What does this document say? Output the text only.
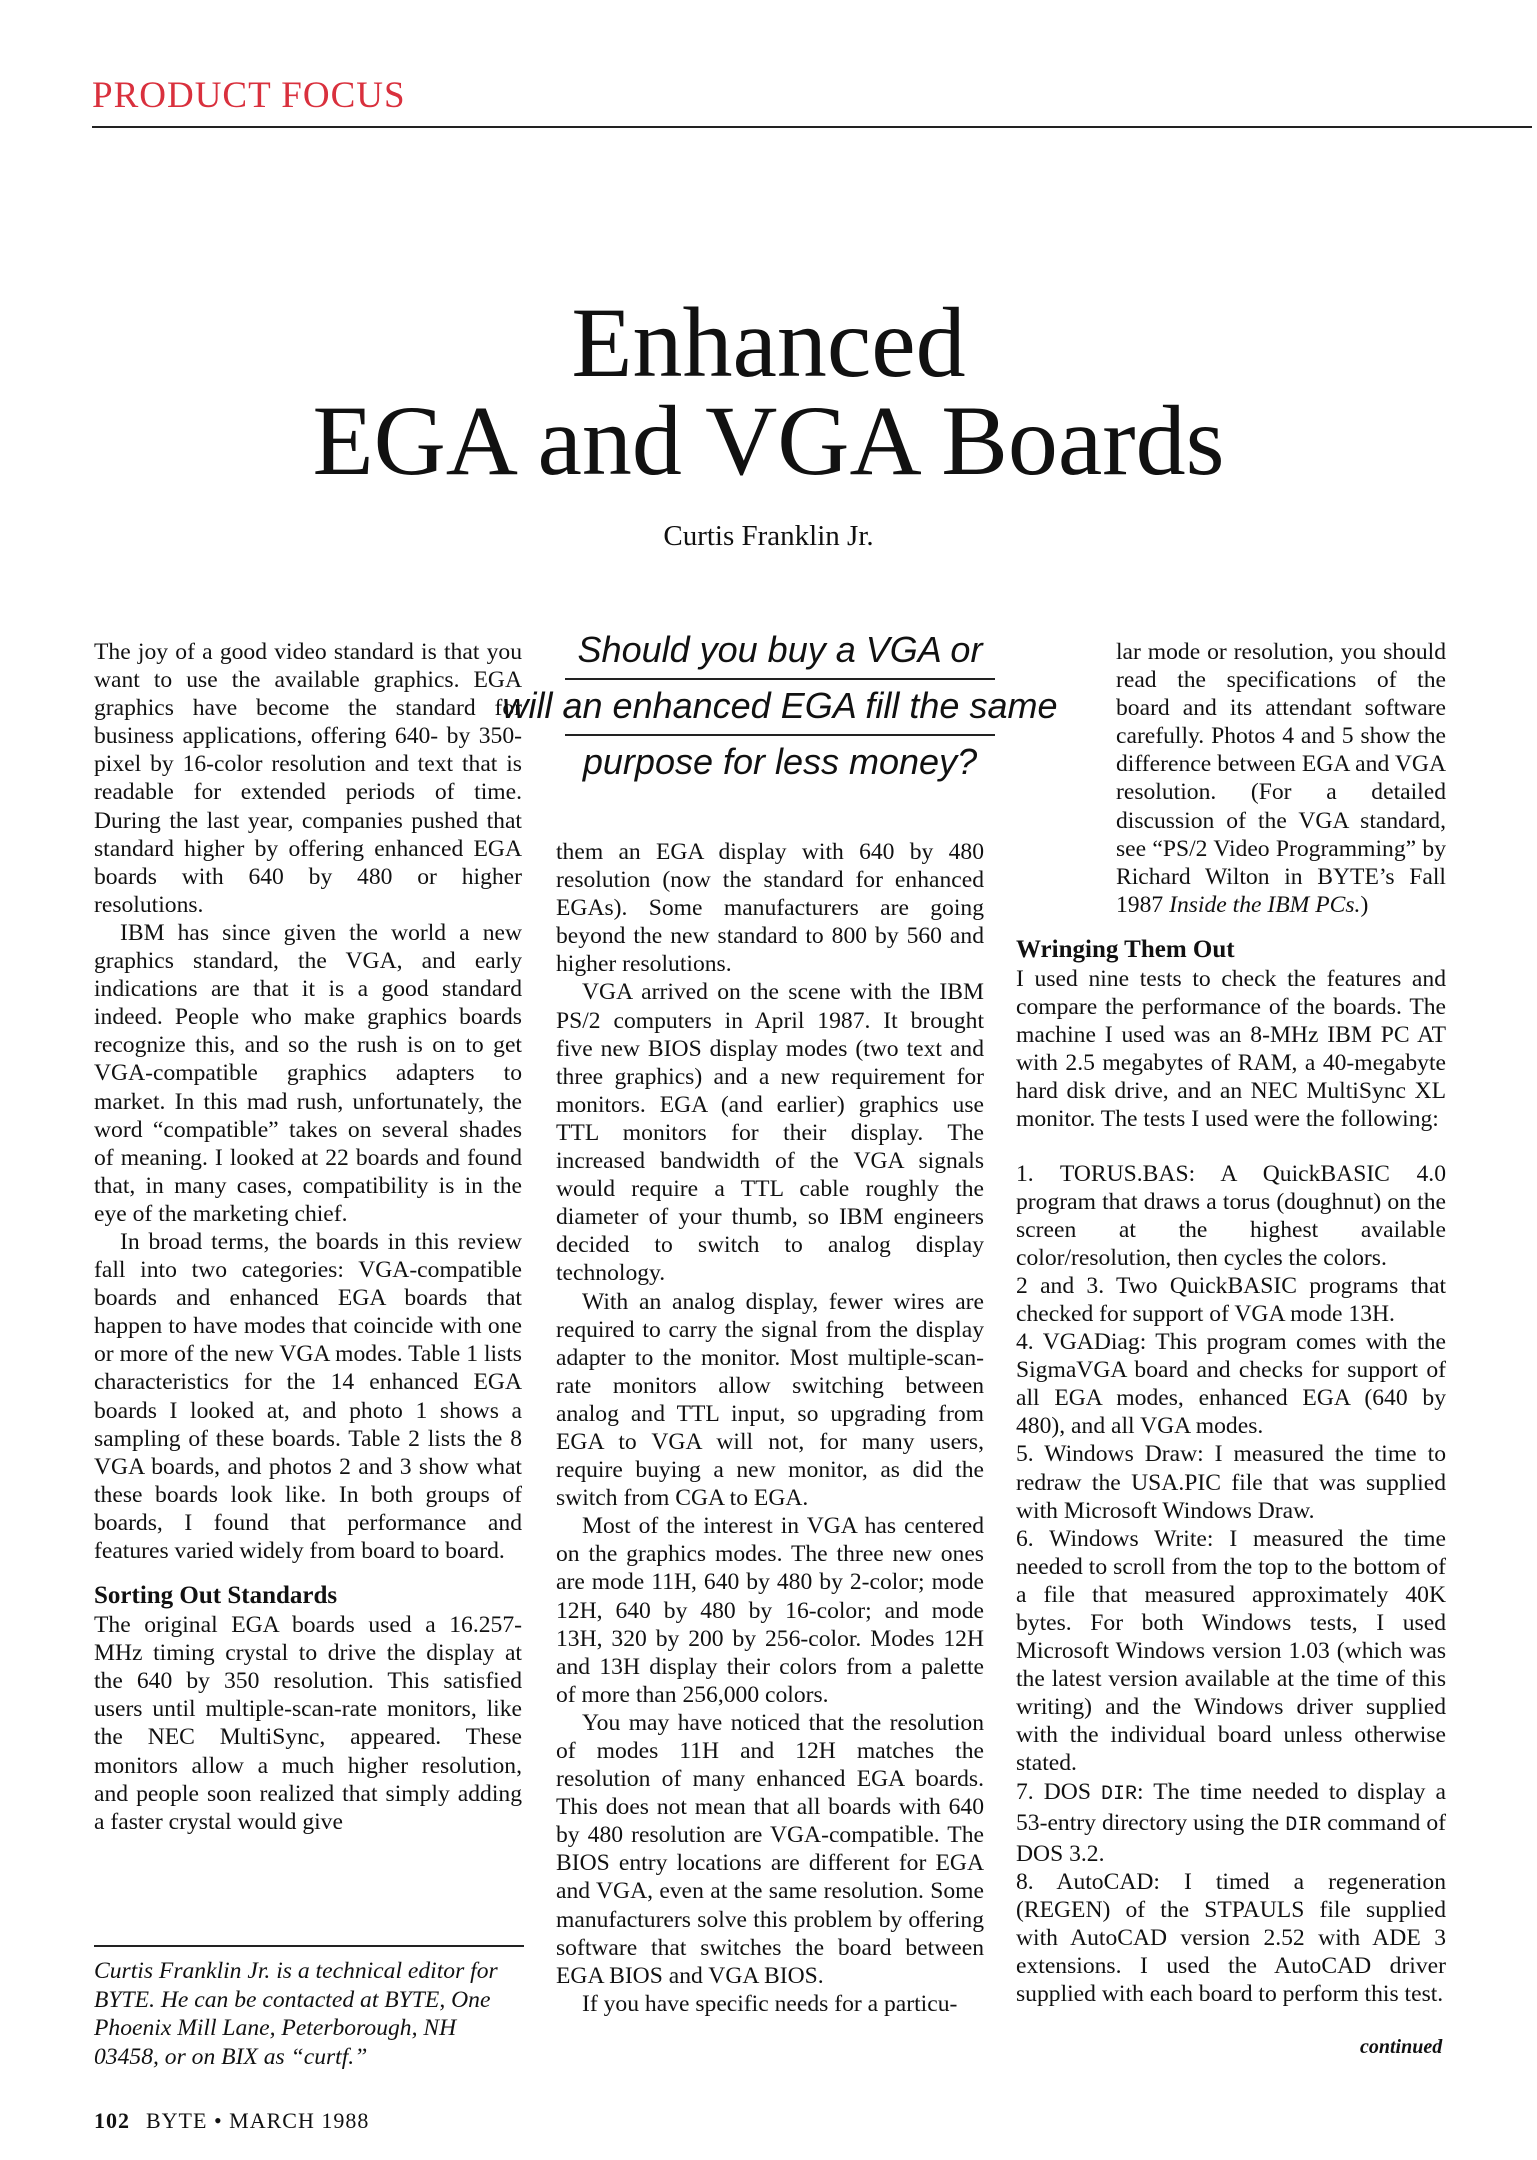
PRODUCT FOCUS
Enhanced
EGA and VGA Boards
Curtis Franklin Jr.
Should you buy a VGA or
will an enhanced EGA fill the same
purpose for less money?

The joy of a good video standard is that you want to use the available graphics. EGA graphics have become the standard for business applications, offering 640- by 350-pixel by 16-color resolution and text that is readable for extended periods of time. During the last year, companies pushed that standard higher by offering enhanced EGA boards with 640 by 480 or higher resolutions.

IBM has since given the world a new graphics standard, the VGA, and early indications are that it is a good standard indeed. People who make graphics boards recognize this, and so the rush is on to get VGA-compatible graphics adapters to market. In this mad rush, unfortunately, the word “compatible” takes on several shades of meaning. I looked at 22 boards and found that, in many cases, compatibility is in the eye of the marketing chief.

In broad terms, the boards in this review fall into two categories: VGA-compatible boards and enhanced EGA boards that happen to have modes that coincide with one or more of the new VGA modes. Table 1 lists characteristics for the 14 enhanced EGA boards I looked at, and photo 1 shows a sampling of these boards. Table 2 lists the 8 VGA boards, and photos 2 and 3 show what these boards look like. In both groups of boards, I found that performance and features varied widely from board to board.

Sorting Out Standards

The original EGA boards used a 16.257-MHz timing crystal to drive the display at the 640 by 350 resolution. This satisfied users until multiple-scan-rate monitors, like the NEC MultiSync, appeared. These monitors allow a much higher resolution, and people soon realized that simply adding a faster crystal would give

Curtis Franklin Jr. is a technical editor for BYTE. He can be contacted at BYTE, One Phoenix Mill Lane, Peterborough, NH 03458, or on BIX as “curtf.”

them an EGA display with 640 by 480 resolution (now the standard for enhanced EGAs). Some manufacturers are going beyond the new standard to 800 by 560 and higher resolutions.

VGA arrived on the scene with the IBM PS/2 computers in April 1987. It brought five new BIOS display modes (two text and three graphics) and a new requirement for monitors. EGA (and earlier) graphics use TTL monitors for their display. The increased bandwidth of the VGA signals would require a TTL cable roughly the diameter of your thumb, so IBM engineers decided to switch to analog display technology.

With an analog display, fewer wires are required to carry the signal from the display adapter to the monitor. Most multiple-scan-rate monitors allow switching between analog and TTL input, so upgrading from EGA to VGA will not, for many users, require buying a new monitor, as did the switch from CGA to EGA.

Most of the interest in VGA has centered on the graphics modes. The three new ones are mode 11H, 640 by 480 by 2-color; mode 12H, 640 by 480 by 16-color; and mode 13H, 320 by 200 by 256-color. Modes 12H and 13H display their colors from a palette of more than 256,000 colors.

You may have noticed that the resolution of modes 11H and 12H matches the resolution of many enhanced EGA boards. This does not mean that all boards with 640 by 480 resolution are VGA-compatible. The BIOS entry locations are different for EGA and VGA, even at the same resolution. Some manufacturers solve this problem by offering software that switches the board between EGA BIOS and VGA BIOS.

If you have specific needs for a particu-

lar mode or resolution, you should read the specifications of the board and its attendant software carefully. Photos 4 and 5 show the difference between EGA and VGA resolution. (For a detailed discussion of the VGA standard, see “PS/2 Video Programming” by Richard Wilton in BYTE’s Fall 1987 Inside the IBM PCs.)

Wringing Them Out

I used nine tests to check the features and compare the performance of the boards. The machine I used was an 8-MHz IBM PC AT with 2.5 megabytes of RAM, a 40-megabyte hard disk drive, and an NEC MultiSync XL monitor. The tests I used were the following:

1. TORUS.BAS: A QuickBASIC 4.0 program that draws a torus (doughnut) on the screen at the highest available color/resolution, then cycles the colors.
2 and 3. Two QuickBASIC programs that checked for support of VGA mode 13H.
4. VGADiag: This program comes with the SigmaVGA board and checks for support of all EGA modes, enhanced EGA (640 by 480), and all VGA modes.
5. Windows Draw: I measured the time to redraw the USA.PIC file that was supplied with Microsoft Windows Draw.
6. Windows Write: I measured the time needed to scroll from the top to the bottom of a file that measured approximately 40K bytes. For both Windows tests, I used Microsoft Windows version 1.03 (which was the latest version available at the time of this writing) and the Windows driver supplied with the individual board unless otherwise stated.
7. DOS DIR: The time needed to display a 53-entry directory using the DIR command of DOS 3.2.
8. AutoCAD: I timed a regeneration (REGEN) of the STPAULS file supplied with AutoCAD version 2.52 with ADE 3 extensions. I used the AutoCAD driver supplied with each board to perform this test.
continued
102 BYTE • MARCH 1988
